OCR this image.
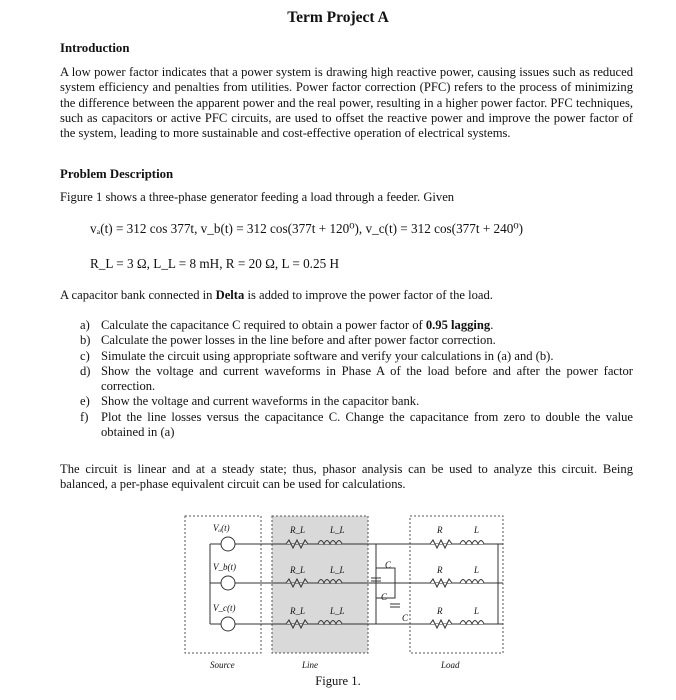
Term Project A
Introduction
A low power factor indicates that a power system is drawing high reactive power, causing issues such as reduced system efficiency and penalties from utilities. Power factor correction (PFC) refers to the process of minimizing the difference between the apparent power and the real power, resulting in a higher power factor. PFC techniques, such as capacitors or active PFC circuits, are used to offset the reactive power and improve the power factor of the system, leading to more sustainable and cost-effective operation of electrical systems.
Problem Description
Figure 1 shows a three-phase generator feeding a load through a feeder. Given
vₐ(t) = 312 cos 377t, v_b(t) = 312 cos(377t + 120⁰), v_c(t) = 312 cos(377t + 240⁰)
R_L = 3 Ω, L_L = 8 mH, R = 20 Ω, L = 0.25 H
A capacitor bank connected in Delta is added to improve the power factor of the load.
a) Calculate the capacitance C required to obtain a power factor of 0.95 lagging.
b) Calculate the power losses in the line before and after power factor correction.
c) Simulate the circuit using appropriate software and verify your calculations in (a) and (b).
d) Show the voltage and current waveforms in Phase A of the load before and after the power factor correction.
e) Show the voltage and current waveforms in the capacitor bank.
f) Plot the line losses versus the capacitance C. Change the capacitance from zero to double the value obtained in (a)
The circuit is linear and at a steady state; thus, phasor analysis can be used to analyze this circuit. Being balanced, a per-phase equivalent circuit can be used for calculations.
Vₐ(t)
V_b(t)
V_c(t)
R_L	L_L
R_L	L_L
R_L	L_L
C
C
C
R	L
R	L
R	L
Source	Line	Load
Figure 1.
